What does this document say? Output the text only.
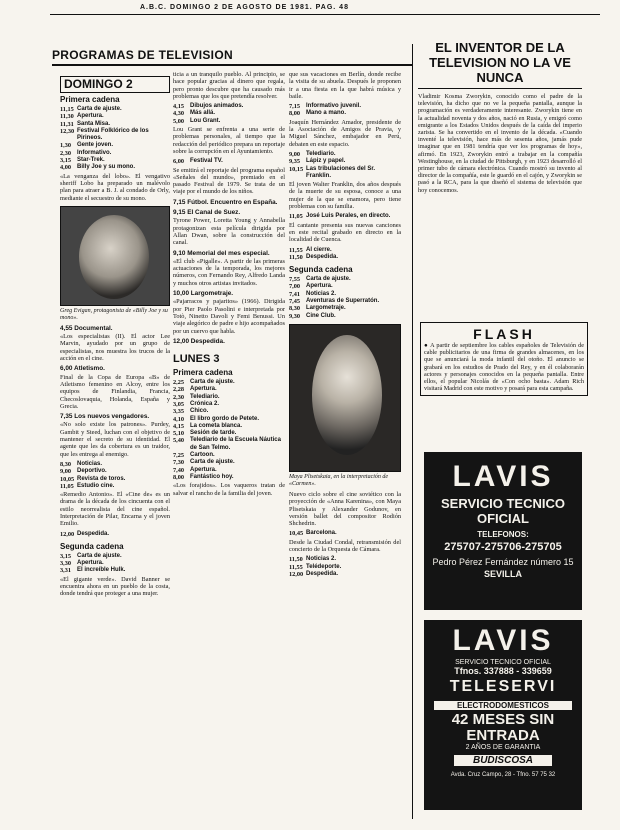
A.B.C. DOMINGO 2 DE AGOSTO DE 1981. PAG. 48
PROGRAMAS DE TELEVISION
DOMINGO 2
Primera cadena
11,15 Carta de ajuste.
11,30 Apertura.
11,31 Santa Misa.
12,30 Festival Folklórico de los Pirineos.
1,30 Gente joven.
2,30 Informativo.
3,15 Star-Trek.
4,00 Billy Joe y su mono.
«La venganza del lobo». El vengativo sheriff Lobo ha preparado un malévolo plan para atraer a B. J. al condado de Orly, mediante el secuestro de su mono.
Greg Evigan, protagonista de «Billy Joe y su mono».
4,55 Documental.
«Los especialistas (II). El actor Lee Marvin, ayudado por un grupo de especialistas, nos muestra los trucos de la acción en el cine.
6,00 Atletismo.
Final de la Copa de Europa «B» de Atletismo femenino en Alcoy, entre los equipos de Finlandia, Francia, Checoslovaquia, Holanda, España y Grecia.
7,35 Los nuevos vengadores.
«No solo existe los patrones». Purdey, Gambit y Steed, luchan con el objetivo de mantener el secreto de su identidad. El agente que les da cobertura es un traidor, que les entrega al enemigo.
8,30 Noticias.
9,00 Deportivo.
10,05 Revista de toros.
11,05 Estudio cine.
«Remedio Antonio». El «Cine de» es un drama de la década de los cincuenta con el estilo neorrealista del cine español. Interpretación de Pilar, Encarna y el joven Emilio.
12,00 Despedida.
Segunda cadena
3,15 Carta de ajuste.
3,30 Apertura.
3,31 El increíble Hulk.
«El gigante verde». David Banner se encuentra ahora en un pueblo de la costa, donde tendrá que proteger a una mujer.
ticia a un tranquilo pueblo. Al principio, se hace popular gracias al dinero que regala, pero pronto descubre que ha causado más problemas que los que pretendía resolver.
4,15 Dibujos animados.
4,30 Más allá.
5,00 Lou Grant.
Lou Grant se enfrenta a una serie de problemas personales, al tiempo que la redacción del periódico prepara un reportaje sobre la corrupción en el Ayuntamiento.
6,00 Festival TV.
Se emitirá el reportaje del programa español «Señales del mundo», premiado en el pasado Festival de 1979. Se trata de un viaje por el mundo de los niños.
7,15 Fútbol. Encuentro en España.
9,15 El Canal de Suez.
Tyrone Power, Loretta Young y Annabella protagonizan esta película dirigida por Allan Dwan, sobre la construcción del canal.
9,10 Memorial del mes especial.
«El club «Pigalle». A partir de las primeras actuaciones de la temporada, los mejores números, con Fernando Rey, Alfredo Landa y muchos otros artistas invitados.
10,00 Largometraje.
«Pajarracos y pajaritos» (1966). Dirigida por Pier Paolo Pasolini e interpretada por Totò, Ninetto Davoli y Femi Benussi. Un viaje alegórico de padre e hijo acompañados por un cuervo que habla.
12,00 Despedida.
LUNES 3
Primera cadena
2,25 Carta de ajuste.
2,28 Apertura.
2,30 Telediario.
3,05 Crónica 2.
3,35 Chico.
4,10 El libro gordo de Petete.
4,15 La cometa blanca.
5,10 Sesión de tarde.
5,40 Telediario de la Escuela Náutica de San Telmo.
7,25 Cartoon.
7,30 Carta de ajuste.
7,40 Apertura.
8,00 Fantástico hoy.
«Los forajidos». Los vaqueros tratan de salvar el rancho de la familia del joven.
que sus vacaciones en Berlín, donde recibe la visita de su abuela. Después le proponen ir a una fiesta en la que habrá música y baile.
7,15 Informativo juvenil.
8,00 Mano a mano.
Joaquín Hernández Amador, presidente de la Asociación de Amigos de Pravia, y Miguel Sánchez, embajador en Perú, debaten en este espacio.
9,00 Telediario.
9,35 Lápiz y papel.
10,15 Las tribulaciones del Sr. Franklin.
El joven Walter Franklin, dos años después de la muerte de su esposa, conoce a una mujer de la que se enamora, pero tiene problemas con su familia.
11,05 José Luis Perales, en directo.
El cantante presenta sus nuevas canciones en este recital grabado en directo en la localidad de Cuenca.
11,55 Al cierre.
11,50 Despedida.
Segunda cadena
7,55 Carta de ajuste.
7,00 Apertura.
7,41 Noticias 2.
7,45 Aventuras de Superratón.
8,30 Largometraje.
9,30 Cine Club.
Maya Plisetskaia, en la interpretación de «Carmen».
Nuevo ciclo sobre el cine soviético con la proyección de «Anna Karenina», con Maya Plisetskaia y Alexander Godunov, en versión ballet del compositor Rodión Shchedrin.
10,45 Barcelona.
Desde la Ciudad Condal, retransmisión del concierto de la Orquesta de Cámara.
11,50 Noticias 2.
11,55 Telédeporte.
12,00 Despedida.
EL INVENTOR DE LA TELEVISION NO LA VE NUNCA
Vladimir Kosma Zworykin, conocido como el padre de la televisión, ha dicho que no ve la pequeña pantalla, aunque la programación es verdaderamente interesante. Zworykin tiene en la actualidad noventa y dos años, nació en Rusia, y emigró como emigrante a los Estados Unidos después de la caída del imperio zarista. Se ha convertido en el invento de la década. «Cuando inventé la televisión, hace más de sesenta años, jamás pude imaginar que en 1981 tendría que ver los programas de hoy», afirmó. En 1923, Zworykin entró a trabajar en la compañía Westinghouse, en la ciudad de Pittsburgh, y en 1923 desarrolló el primer tubo de cámara electrónica. Cuando mostró su invento al director de la compañía, este le guardó en el cajón, y Zworykin se pasó a la RCA, para la que diseñó el sistema de televisión que hoy conocemos.
FLASH
● A partir de septiembre los cables españoles de Televisión de cable publicitarios de una firma de grandes almacenes, en los que se anunciará la moda infantil del otoño. El anuncio se grabará en los estudios de Prado del Rey, y en él colaborarán actores y personajes conocidos en la pequeña pantalla. Entre ellos, el popular Nicolás de «Con ocho basta». Adam Rich visitará Madrid con este motivo y posará para esta campaña.
LAVIS
SERVICIO TECNICO OFICIAL
TELEFONOS:
275707-275706-275705
Pedro Pérez Fernández número 15
SEVILLA
LAVIS
SERVICIO TECNICO OFICIAL
Tfnos. 337888 - 339659
TELESERVI
ELECTRODOMESTICOS
42 MESES SIN ENTRADA
2 AÑOS DE GARANTIA
BUDISCOSA
Avda. Cruz Campo, 28 - Tfno. 57 75 32
